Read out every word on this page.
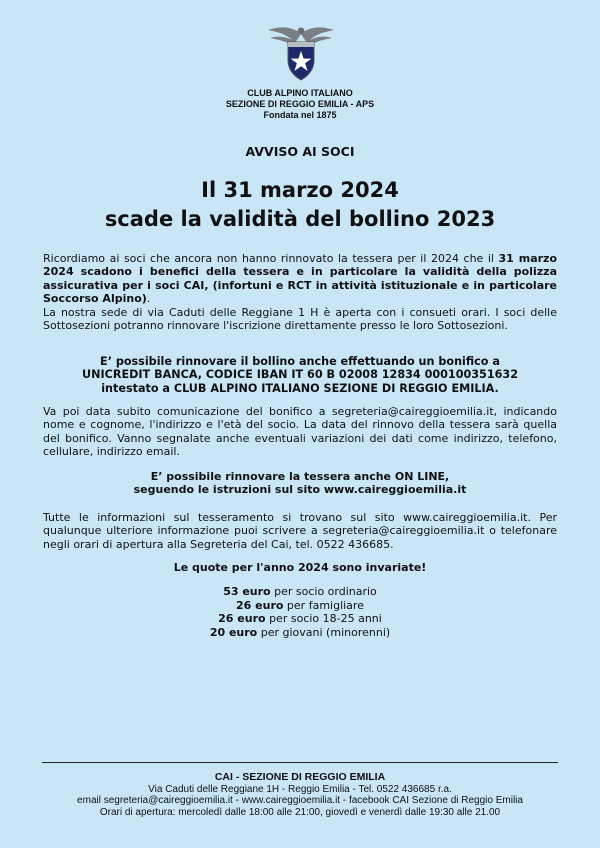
CLUB ALPINO ITALIANO
SEZIONE DI REGGIO EMILIA - APS
Fondata nel 1875
AVVISO AI SOCI
Il 31 marzo 2024
scade la validità del bollino 2023
Ricordiamo ai soci che ancora non hanno rinnovato la tessera per il 2024 che il 31 marzo 2024 scadono i benefici della tessera e in particolare la validità della polizza assicurativa per i soci CAI, (infortuni e RCT in attività istituzionale e in particolare Soccorso Alpino).
La nostra sede di via Caduti delle Reggiane 1 H è aperta con i consueti orari. I soci delle Sottosezioni potranno rinnovare l'iscrizione direttamente presso le loro Sottosezioni.
E’ possibile rinnovare il bollino anche effettuando un bonifico a
UNICREDIT BANCA, CODICE IBAN IT 60 B 02008 12834 000100351632
intestato a CLUB ALPINO ITALIANO SEZIONE DI REGGIO EMILIA.
Va poi data subito comunicazione del bonifico a segreteria@caireggioemilia.it, indicando nome e cognome, l'indirizzo e l'età del socio. La data del rinnovo della tessera sarà quella del bonifico. Vanno segnalate anche eventuali variazioni dei dati come indirizzo, telefono, cellulare, indirizzo email.
E’ possibile rinnovare la tessera anche ON LINE,
seguendo le istruzioni sul sito www.caireggioemilia.it
Tutte le informazioni sul tesseramento si trovano sul sito www.caireggioemilia.it. Per qualunque ulteriore informazione puoi scrivere a segreteria@caireggioemilia.it o telefonare negli orari di apertura alla Segreteria del Cai, tel. 0522 436685.
Le quote per l'anno 2024 sono invariate!
53 euro per socio ordinario
26 euro per famigliare
26 euro per socio 18-25 anni
20 euro per giovani (minorenni)
CAI - SEZIONE DI REGGIO EMILIA
Via Caduti delle Reggiane 1H - Reggio Emilia - Tel. 0522 436685 r.a.
email segreteria@caireggioemilia.it - www.caireggioemilia.it - facebook CAI Sezione di Reggio Emilia
Orari di apertura: mercoledì dalle 18:00 alle 21:00, giovedì e venerdì dalle 19:30 alle 21.00
